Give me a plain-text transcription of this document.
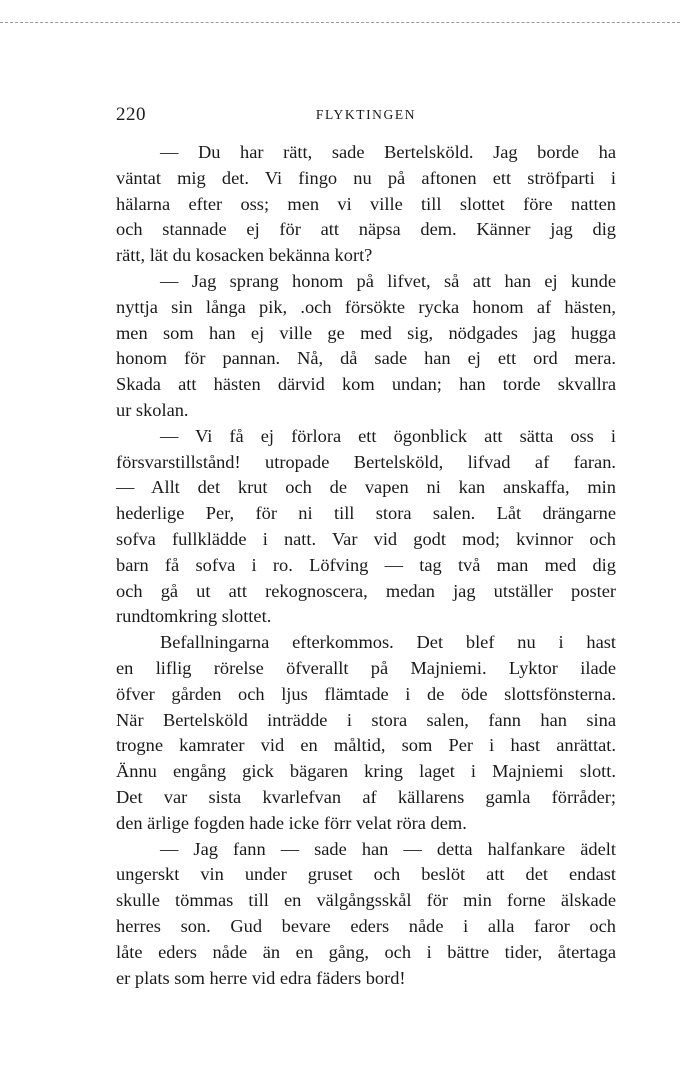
220	FLYKTINGEN
— Du har rätt, sade Bertelsköld. Jag borde ha
väntat mig det. Vi fingo nu på aftonen ett ströfparti i
hälarna efter oss; men vi ville till slottet före natten
och stannade ej för att näpsa dem. Känner jag dig
rätt, lät du kosacken bekänna kort?
— Jag sprang honom på lifvet, så att han ej kunde
nyttja sin långa pik, .och försökte rycka honom af hästen,
men som han ej ville ge med sig, nödgades jag hugga
honom för pannan. Nå, då sade han ej ett ord mera.
Skada att hästen därvid kom undan; han torde skvallra
ur skolan.
— Vi få ej förlora ett ögonblick att sätta oss i
försvarstillstånd! utropade Bertelsköld, lifvad af faran.
— Allt det krut och de vapen ni kan anskaffa, min
hederlige Per, för ni till stora salen. Låt drängarne
sofva fullklädde i natt. Var vid godt mod; kvinnor och
barn få sofva i ro. Löfving — tag två man med dig
och gå ut att rekognoscera, medan jag utställer poster
rundtomkring slottet.
Befallningarna efterkommos. Det blef nu i hast
en liflig rörelse öfverallt på Majniemi. Lyktor ilade
öfver gården och ljus flämtade i de öde slottsfönsterna.
När Bertelsköld inträdde i stora salen, fann han sina
trogne kamrater vid en måltid, som Per i hast anrättat.
Ännu engång gick bägaren kring laget i Majniemi slott.
Det var sista kvarlefvan af källarens gamla förråder;
den ärlige fogden hade icke förr velat röra dem.
— Jag fann — sade han — detta halfankare ädelt
ungerskt vin under gruset och beslöt att det endast
skulle tömmas till en välgångsskål för min forne älskade
herres son. Gud bevare eders nåde i alla faror och
låte eders nåde än en gång, och i bättre tider, återtaga
er plats som herre vid edra fäders bord!
